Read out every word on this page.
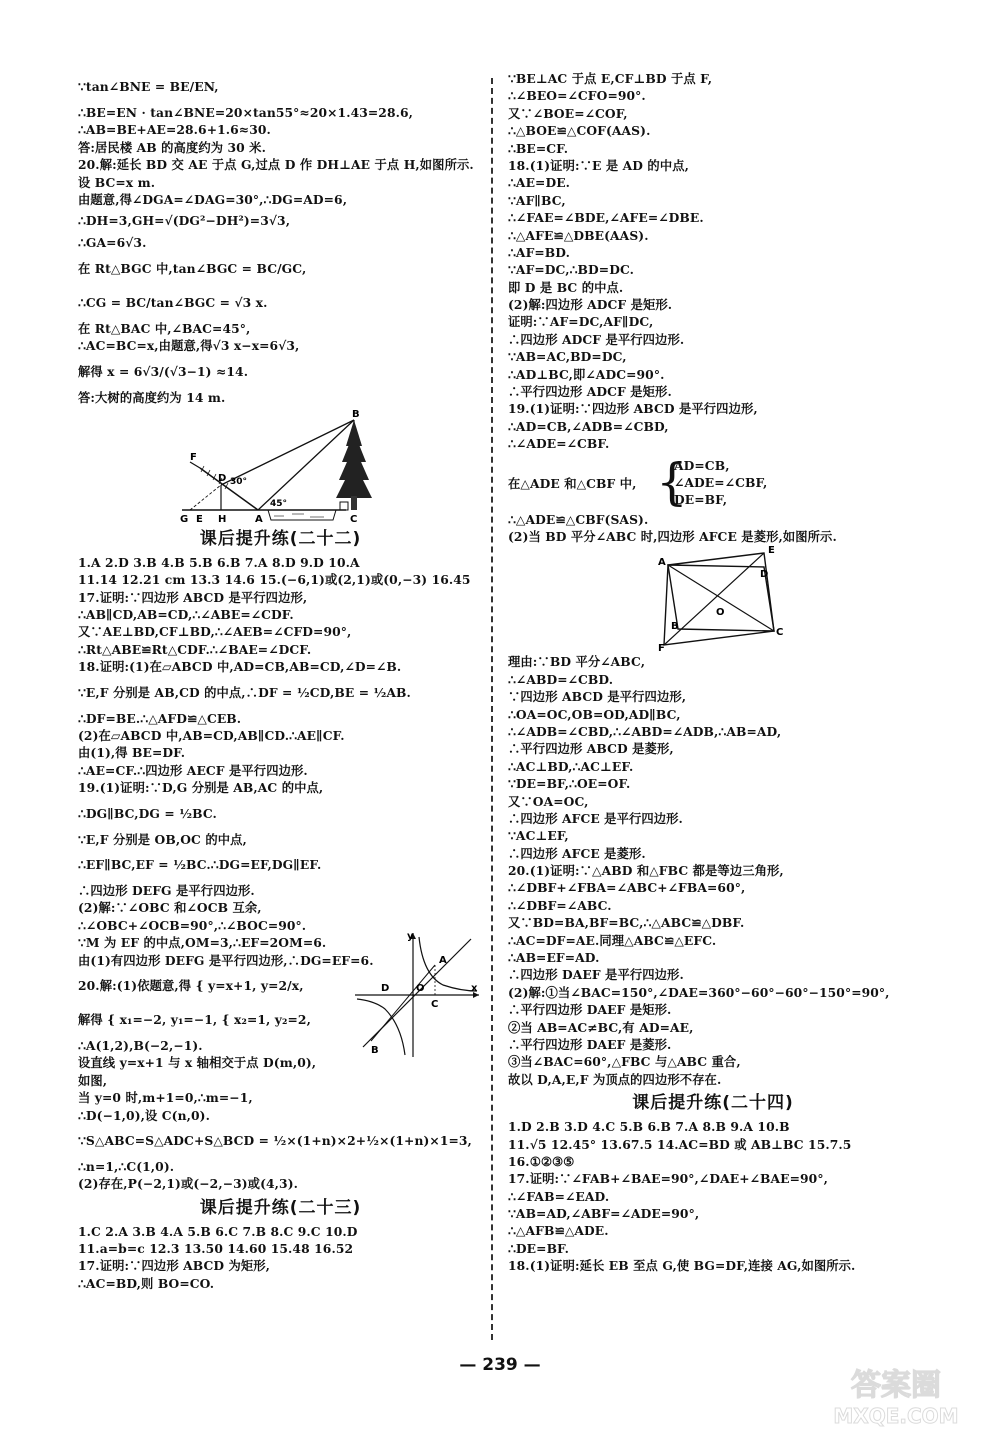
∵tan∠BNE = BE/EN,
∴BE=EN · tan∠BNE=20×tan55°≈20×1.43=28.6,
∴AB=BE+AE=28.6+1.6≈30.
答:居民楼 AB 的高度约为 30 米.
20.解:延长 BD 交 AE 于点 G,过点 D 作 DH⊥AE 于点 H,如图所示.
设 BC=x m.
由题意,得∠DGA=∠DAG=30°,∴DG=AD=6,
∴DH=3,GH=√(DG²−DH²)=3√3,
∴GA=6√3.
在 Rt△BGC 中,tan∠BGC = BC/GC,
∴CG = BC/tan∠BGC = √3 x.
在 Rt△BAC 中,∠BAC=45°,
∴AC=BC=x,由题意,得√3 x−x=6√3,
解得 x = 6√3/(√3−1) ≈14.
答:大树的高度约为 14 m.
B
F
D 30°
45°
G E H	A	C
课后提升练(二十二)
1.A 2.D 3.B 4.B 5.B 6.B 7.A 8.D 9.D 10.A
11.14 12.21 cm 13.3 14.6 15.(−6,1)或(2,1)或(0,−3) 16.45
17.证明:∵四边形 ABCD 是平行四边形,
∴AB∥CD,AB=CD,∴∠ABE=∠CDF.
又∵AE⊥BD,CF⊥BD,∴∠AEB=∠CFD=90°,
∴Rt△ABE≌Rt△CDF.∴∠BAE=∠DCF.
18.证明:(1)在▱ABCD 中,AD=CB,AB=CD,∠D=∠B.
∵E,F 分别是 AB,CD 的中点,∴DF = ½CD,BE = ½AB.
∴DF=BE.∴△AFD≌△CEB.
(2)在▱ABCD 中,AB=CD,AB∥CD.∴AE∥CF.
由(1),得 BE=DF.
∴AE=CF.∴四边形 AECF 是平行四边形.
19.(1)证明:∵D,G 分别是 AB,AC 的中点,
∴DG∥BC,DG = ½BC.
∵E,F 分别是 OB,OC 的中点,
∴EF∥BC,EF = ½BC.∴DG=EF,DG∥EF.
∴四边形 DEFG 是平行四边形.
(2)解:∵∠OBC 和∠OCB 互余,
∴∠OBC+∠OCB=90°,∴∠BOC=90°.
∵M 为 EF 的中点,OM=3,∴EF=2OM=6.
由(1)有四边形 DEFG 是平行四边形,∴DG=EF=6.
20.解:(1)依题意,得 { y=x+1, y=2/x,
解得 { x₁=−2, y₁=−1, { x₂=1, y₂=2,
∴A(1,2),B(−2,−1).
设直线 y=x+1 与 x 轴相交于点 D(m,0),
如图,
当 y=0 时,m+1=0,∴m=−1,
∴D(−1,0),设 C(n,0).
∵S△ABC=S△ADC+S△BCD = ½×(1+n)×2+½×(1+n)×1=3,
∴n=1,∴C(1,0).
(2)存在,P(−2,1)或(−2,−3)或(4,3).
y
A
D	O	x
C
B
课后提升练(二十三)
1.C 2.A 3.B 4.A 5.B 6.C 7.B 8.C 9.C 10.D
11.a=b=c 12.3 13.50 14.60 15.48 16.52
17.证明:∵四边形 ABCD 为矩形,
∴AC=BD,则 BO=CO.
∵BE⊥AC 于点 E,CF⊥BD 于点 F,
∴∠BEO=∠CFO=90°.
又∵∠BOE=∠COF,
∴△BOE≌△COF(AAS).
∴BE=CF.
18.(1)证明:∵E 是 AD 的中点,
∴AE=DE.
∵AF∥BC,
∴∠FAE=∠BDE,∠AFE=∠DBE.
∴△AFE≌△DBE(AAS).
∴AF=BD.
∵AF=DC,∴BD=DC.
即 D 是 BC 的中点.
(2)解:四边形 ADCF 是矩形.
证明:∵AF=DC,AF∥DC,
∴四边形 ADCF 是平行四边形.
∵AB=AC,BD=DC,
∴AD⊥BC,即∠ADC=90°.
∴平行四边形 ADCF 是矩形.
19.(1)证明:∵四边形 ABCD 是平行四边形,
∴AD=CB,∠ADB=∠CBD,
∴∠ADE=∠CBF.
在△ADE 和△CBF 中, {
AD=CB,
∠ADE=∠CBF,
DE=BF,
∴△ADE≌△CBF(SAS).
(2)当 BD 平分∠ABC 时,四边形 AFCE 是菱形,如图所示.
A
E
D
O
B
C
F
理由:∵BD 平分∠ABC,
∴∠ABD=∠CBD.
∵四边形 ABCD 是平行四边形,
∴OA=OC,OB=OD,AD∥BC,
∴∠ADB=∠CBD,∴∠ABD=∠ADB,∴AB=AD,
∴平行四边形 ABCD 是菱形,
∴AC⊥BD,∴AC⊥EF.
∵DE=BF,∴OE=OF.
又∵OA=OC,
∴四边形 AFCE 是平行四边形.
∵AC⊥EF,
∴四边形 AFCE 是菱形.
20.(1)证明:∵△ABD 和△FBC 都是等边三角形,
∴∠DBF+∠FBA=∠ABC+∠FBA=60°,
∴∠DBF=∠ABC.
又∵BD=BA,BF=BC,∴△ABC≌△DBF.
∴AC=DF=AE.同理△ABC≌△EFC.
∴AB=EF=AD.
∴四边形 DAEF 是平行四边形.
(2)解:①当∠BAC=150°,∠DAE=360°−60°−60°−150°=90°,
∴平行四边形 DAEF 是矩形.
②当 AB=AC≠BC,有 AD=AE,
∴平行四边形 DAEF 是菱形.
③当∠BAC=60°,△FBC 与△ABC 重合,
故以 D,A,E,F 为顶点的四边形不存在.
课后提升练(二十四)
1.D 2.B 3.D 4.C 5.B 6.B 7.A 8.B 9.A 10.B
11.√5 12.45° 13.67.5 14.AC=BD 或 AB⊥BC 15.7.5
16.①②③⑤
17.证明:∵∠FAB+∠BAE=90°,∠DAE+∠BAE=90°,
∴∠FAB=∠EAD.
∵AB=AD,∠ABF=∠ADE=90°,
∴△AFB≌△ADE.
∴DE=BF.
18.(1)证明:延长 EB 至点 G,使 BG=DF,连接 AG,如图所示.
— 239 —
答案圈
MXQE.COM
